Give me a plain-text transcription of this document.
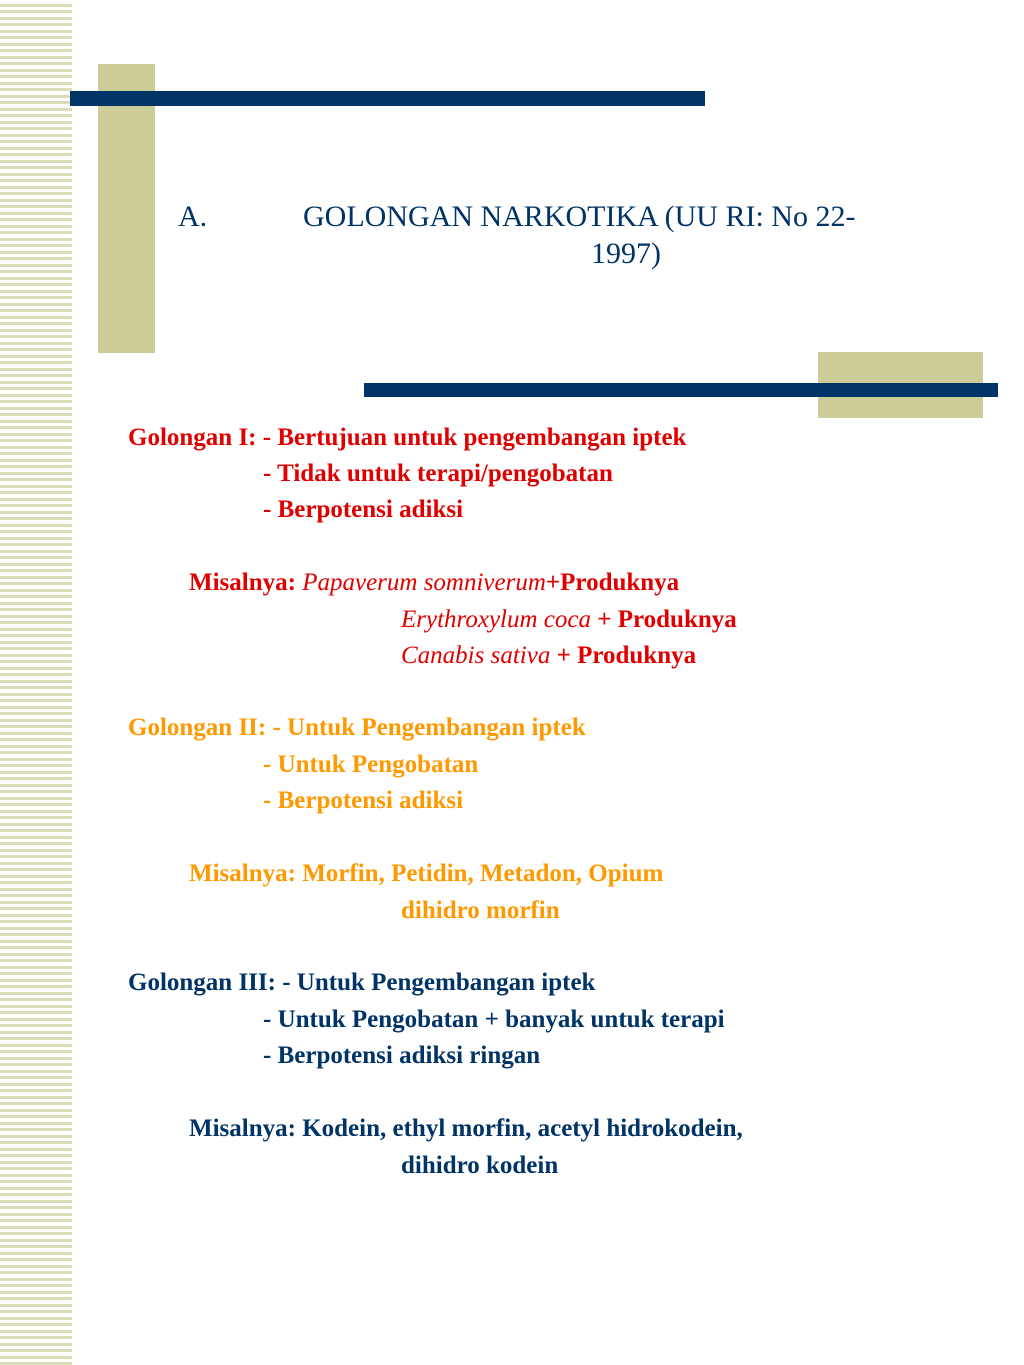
A.	GOLONGAN NARKOTIKA (UU RI: No 22-
1997)
Golongan I: - Bertujuan untuk pengembangan iptek
- Tidak untuk terapi/pengobatan
- Berpotensi adiksi
Misalnya: Papaverum somniverum+Produknya
Erythroxylum coca + Produknya
Canabis sativa + Produknya
Golongan II: - Untuk Pengembangan iptek
- Untuk Pengobatan
- Berpotensi adiksi
Misalnya: Morfin, Petidin, Metadon, Opium
dihidro morfin
Golongan III: - Untuk Pengembangan iptek
- Untuk Pengobatan + banyak untuk terapi
- Berpotensi adiksi ringan
Misalnya: Kodein, ethyl morfin, acetyl hidrokodein,
dihidro kodein
